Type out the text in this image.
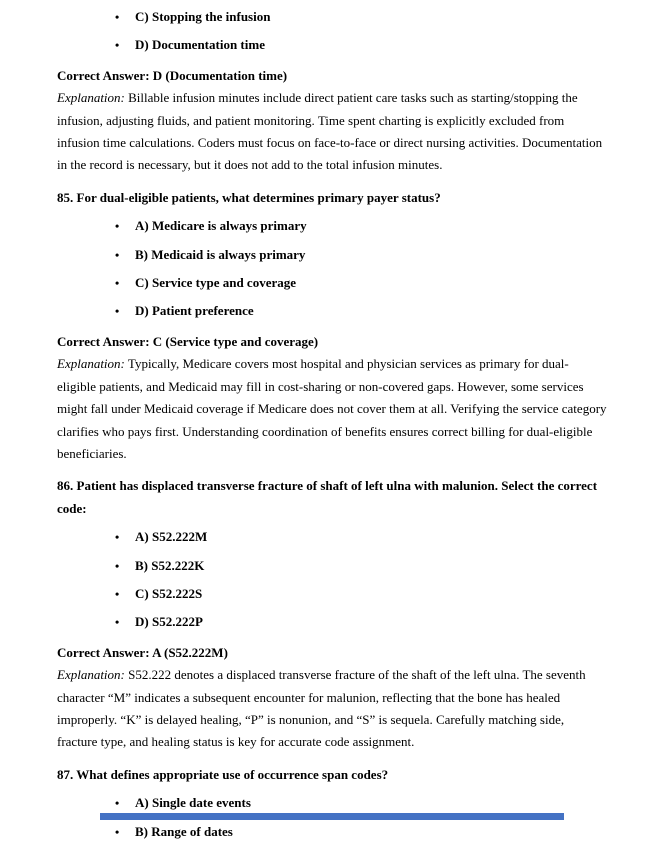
•	C) Stopping the infusion
•	D) Documentation time

Correct Answer: D (Documentation time)

Explanation: Billable infusion minutes include direct patient care tasks such as starting/stopping the infusion, adjusting fluids, and patient monitoring. Time spent charting is explicitly excluded from infusion time calculations. Coders must focus on face-to-face or direct nursing activities. Documentation in the record is necessary, but it does not add to the total infusion minutes.

85. For dual-eligible patients, what determines primary payer status?

•	A) Medicare is always primary
•	B) Medicaid is always primary
•	C) Service type and coverage
•	D) Patient preference

Correct Answer: C (Service type and coverage)

Explanation: Typically, Medicare covers most hospital and physician services as primary for dual-eligible patients, and Medicaid may fill in cost-sharing or non-covered gaps. However, some services might fall under Medicaid coverage if Medicare does not cover them at all. Verifying the service category clarifies who pays first. Understanding coordination of benefits ensures correct billing for dual-eligible beneficiaries.

86. Patient has displaced transverse fracture of shaft of left ulna with malunion. Select the correct code:

•	A) S52.222M
•	B) S52.222K
•	C) S52.222S
•	D) S52.222P

Correct Answer: A (S52.222M)

Explanation: S52.222 denotes a displaced transverse fracture of the shaft of the left ulna. The seventh character “M” indicates a subsequent encounter for malunion, reflecting that the bone has healed improperly. “K” is delayed healing, “P” is nonunion, and “S” is sequela. Carefully matching side, fracture type, and healing status is key for accurate code assignment.

87. What defines appropriate use of occurrence span codes?

•	A) Single date events
•	B) Range of dates
